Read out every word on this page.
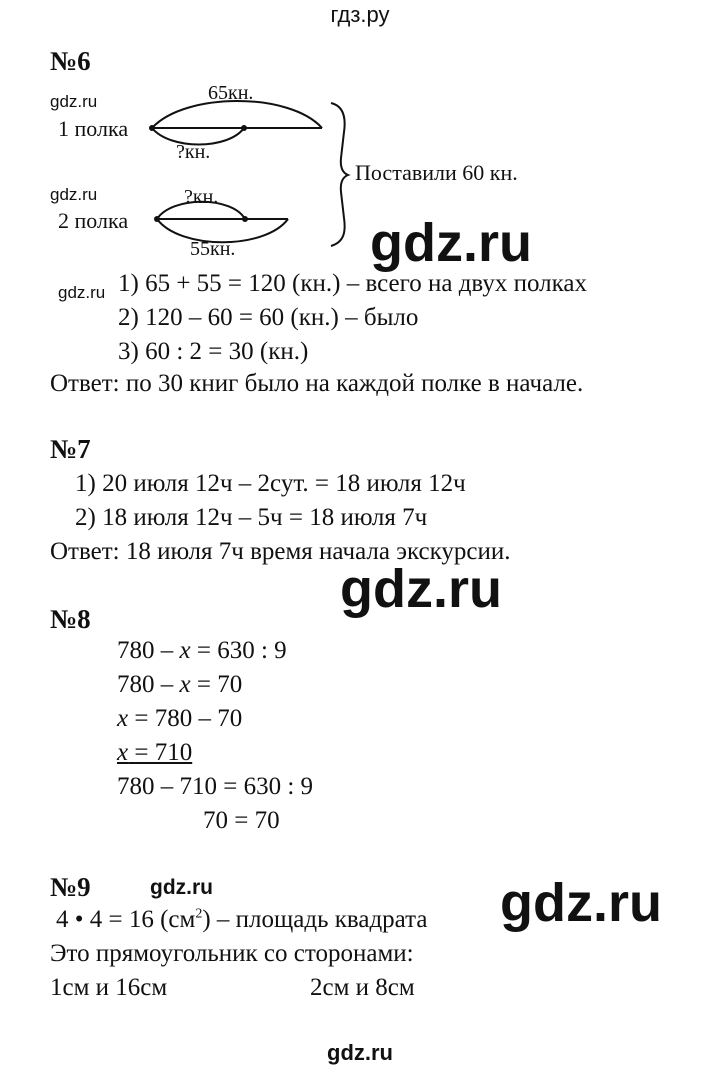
гдз.ру
gdz.ru
№6
gdz.ru
gdz.ru
gdz.ru
1 полка
65кн.
?кн.
2 полка
?кн.
55кн.
Поставили 60 кн.
gdz.ru
1) 65 + 55 = 120 (кн.) – всего на двух полках
2) 120 – 60 = 60 (кн.) – было
3) 60 : 2 = 30 (кн.)
Ответ: по 30 книг было на каждой полке в начале.
№7
1) 20 июля 12ч – 2сут. = 18 июля 12ч
2) 18 июля 12ч – 5ч = 18 июля 7ч
Ответ: 18 июля 7ч время начала экскурсии.
gdz.ru
№8
780 – x = 630 : 9
780 – x = 70
x = 780 – 70
x = 710
780 – 710 = 630 : 9
70 = 70
№9	gdz.ru
4 • 4 = 16 $(см^2)$ – площадь квадрата gdz.ru
Это прямоугольник со сторонами:
1см и 16см	2см и 8см
